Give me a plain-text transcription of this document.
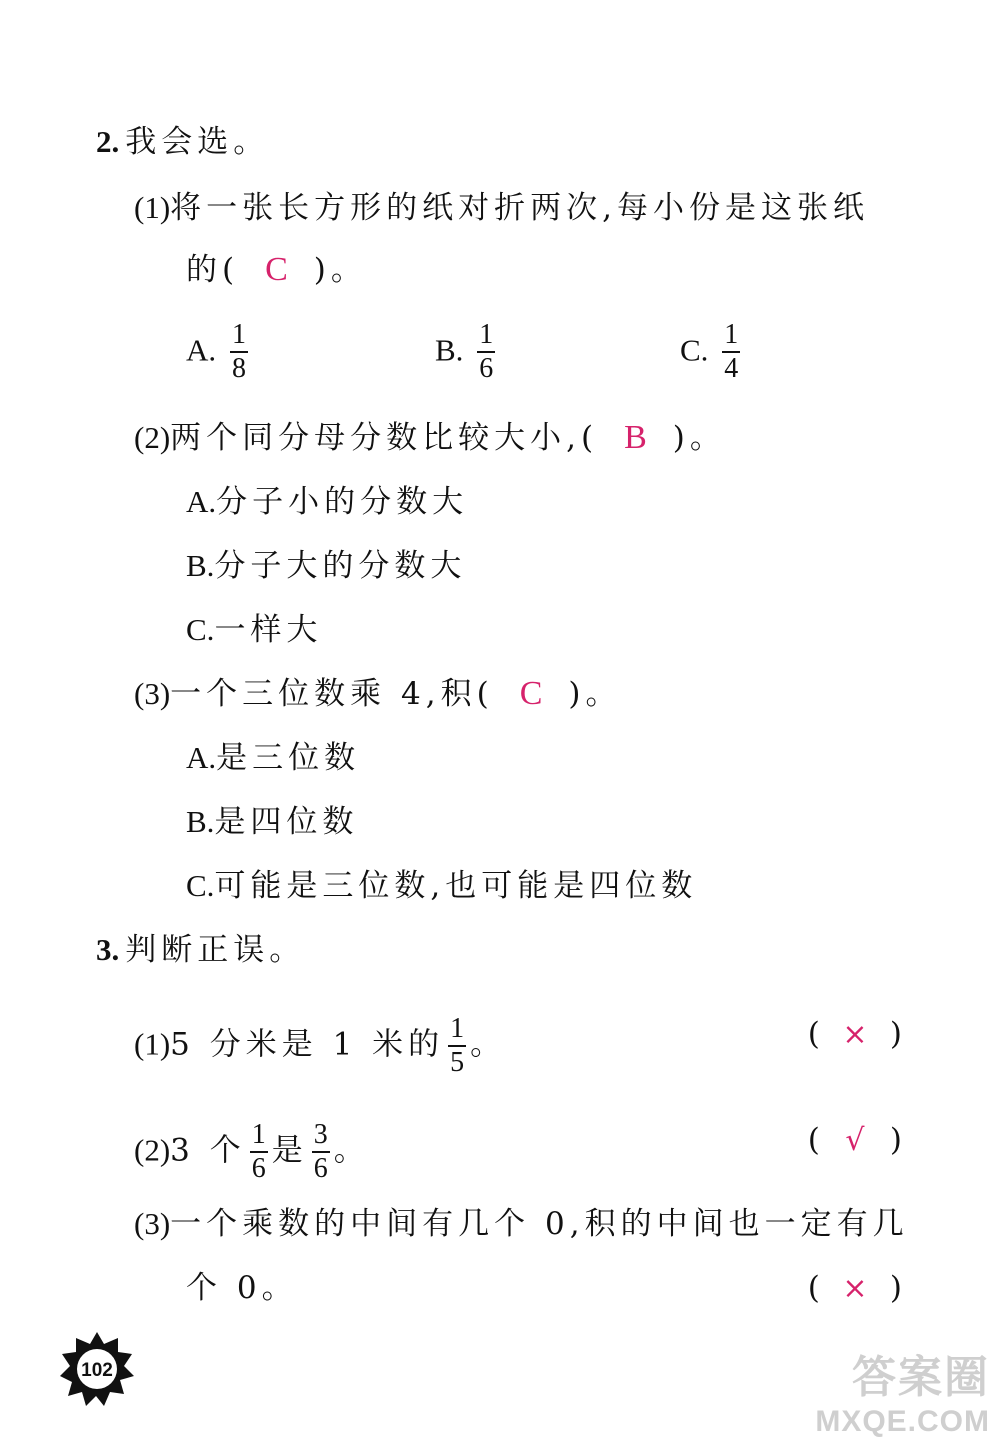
2. 我会选。
(1)将一张长方形的纸对折两次,每小份是这张纸
的( C )。
A. $\frac{1}{8}$	B. $\frac{1}{6}$	C. $\frac{1}{4}$
(2)两个同分母分数比较大小,( B )。
A.分子小的分数大
B.分子大的分数大
C.一样大
(3)一个三位数乘 4,积( C )。
A.是三位数
B.是四位数
C.可能是三位数,也可能是四位数
3. 判断正误。
(1)5 分米是 1 米的 $\frac{1}{5}$ 。	( × )
(2)3 个 $\frac{1}{6}$ 是 $\frac{3}{6}$ 。	( √ )
(3)一个乘数的中间有几个 0,积的中间也一定有几
个 0。	( × )
102	答案圈
MXQE.COM
